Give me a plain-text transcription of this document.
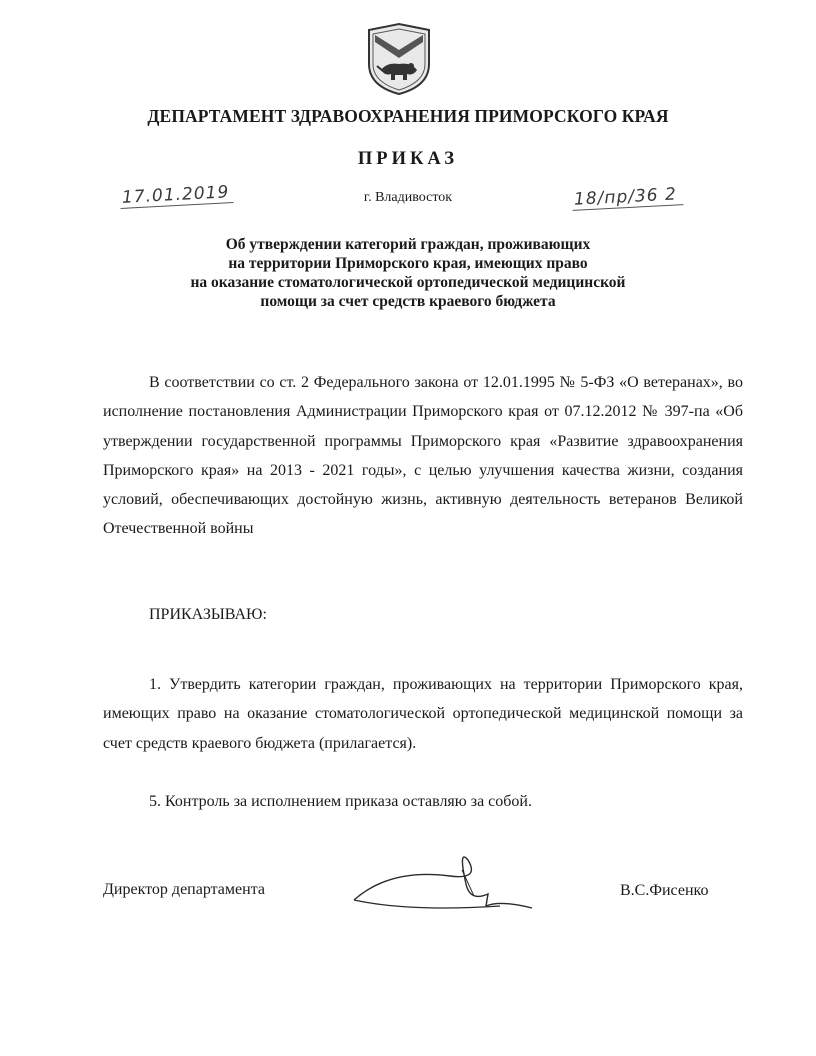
ДЕПАРТАМЕНТ ЗДРАВООХРАНЕНИЯ ПРИМОРСКОГО КРАЯ
ПРИКАЗ
17.01.2019	г. Владивосток	18/пр/36 2
Об утверждении категорий граждан, проживающих
на территории Приморского края, имеющих право
на оказание стоматологической ортопедической медицинской
помощи за счет средств краевого бюджета

В соответствии со ст. 2 Федерального закона от 12.01.1995 № 5-ФЗ «О ветеранах», во исполнение постановления Администрации Приморского края от 07.12.2012 № 397-па «Об утверждении государственной программы Приморского края «Развитие здравоохранения Приморского края» на 2013 - 2021 годы», с целью улучшения качества жизни, создания условий, обеспечивающих достойную жизнь, активную деятельность ветеранов Великой Отечественной войны

ПРИКАЗЫВАЮ:

1. Утвердить категории граждан, проживающих на территории Приморского края, имеющих право на оказание стоматологической ортопедической медицинской помощи за счет средств краевого бюджета (прилагается).

5. Контроль за исполнением приказа оставляю за собой.
Директор департамента	В.С.Фисенко
